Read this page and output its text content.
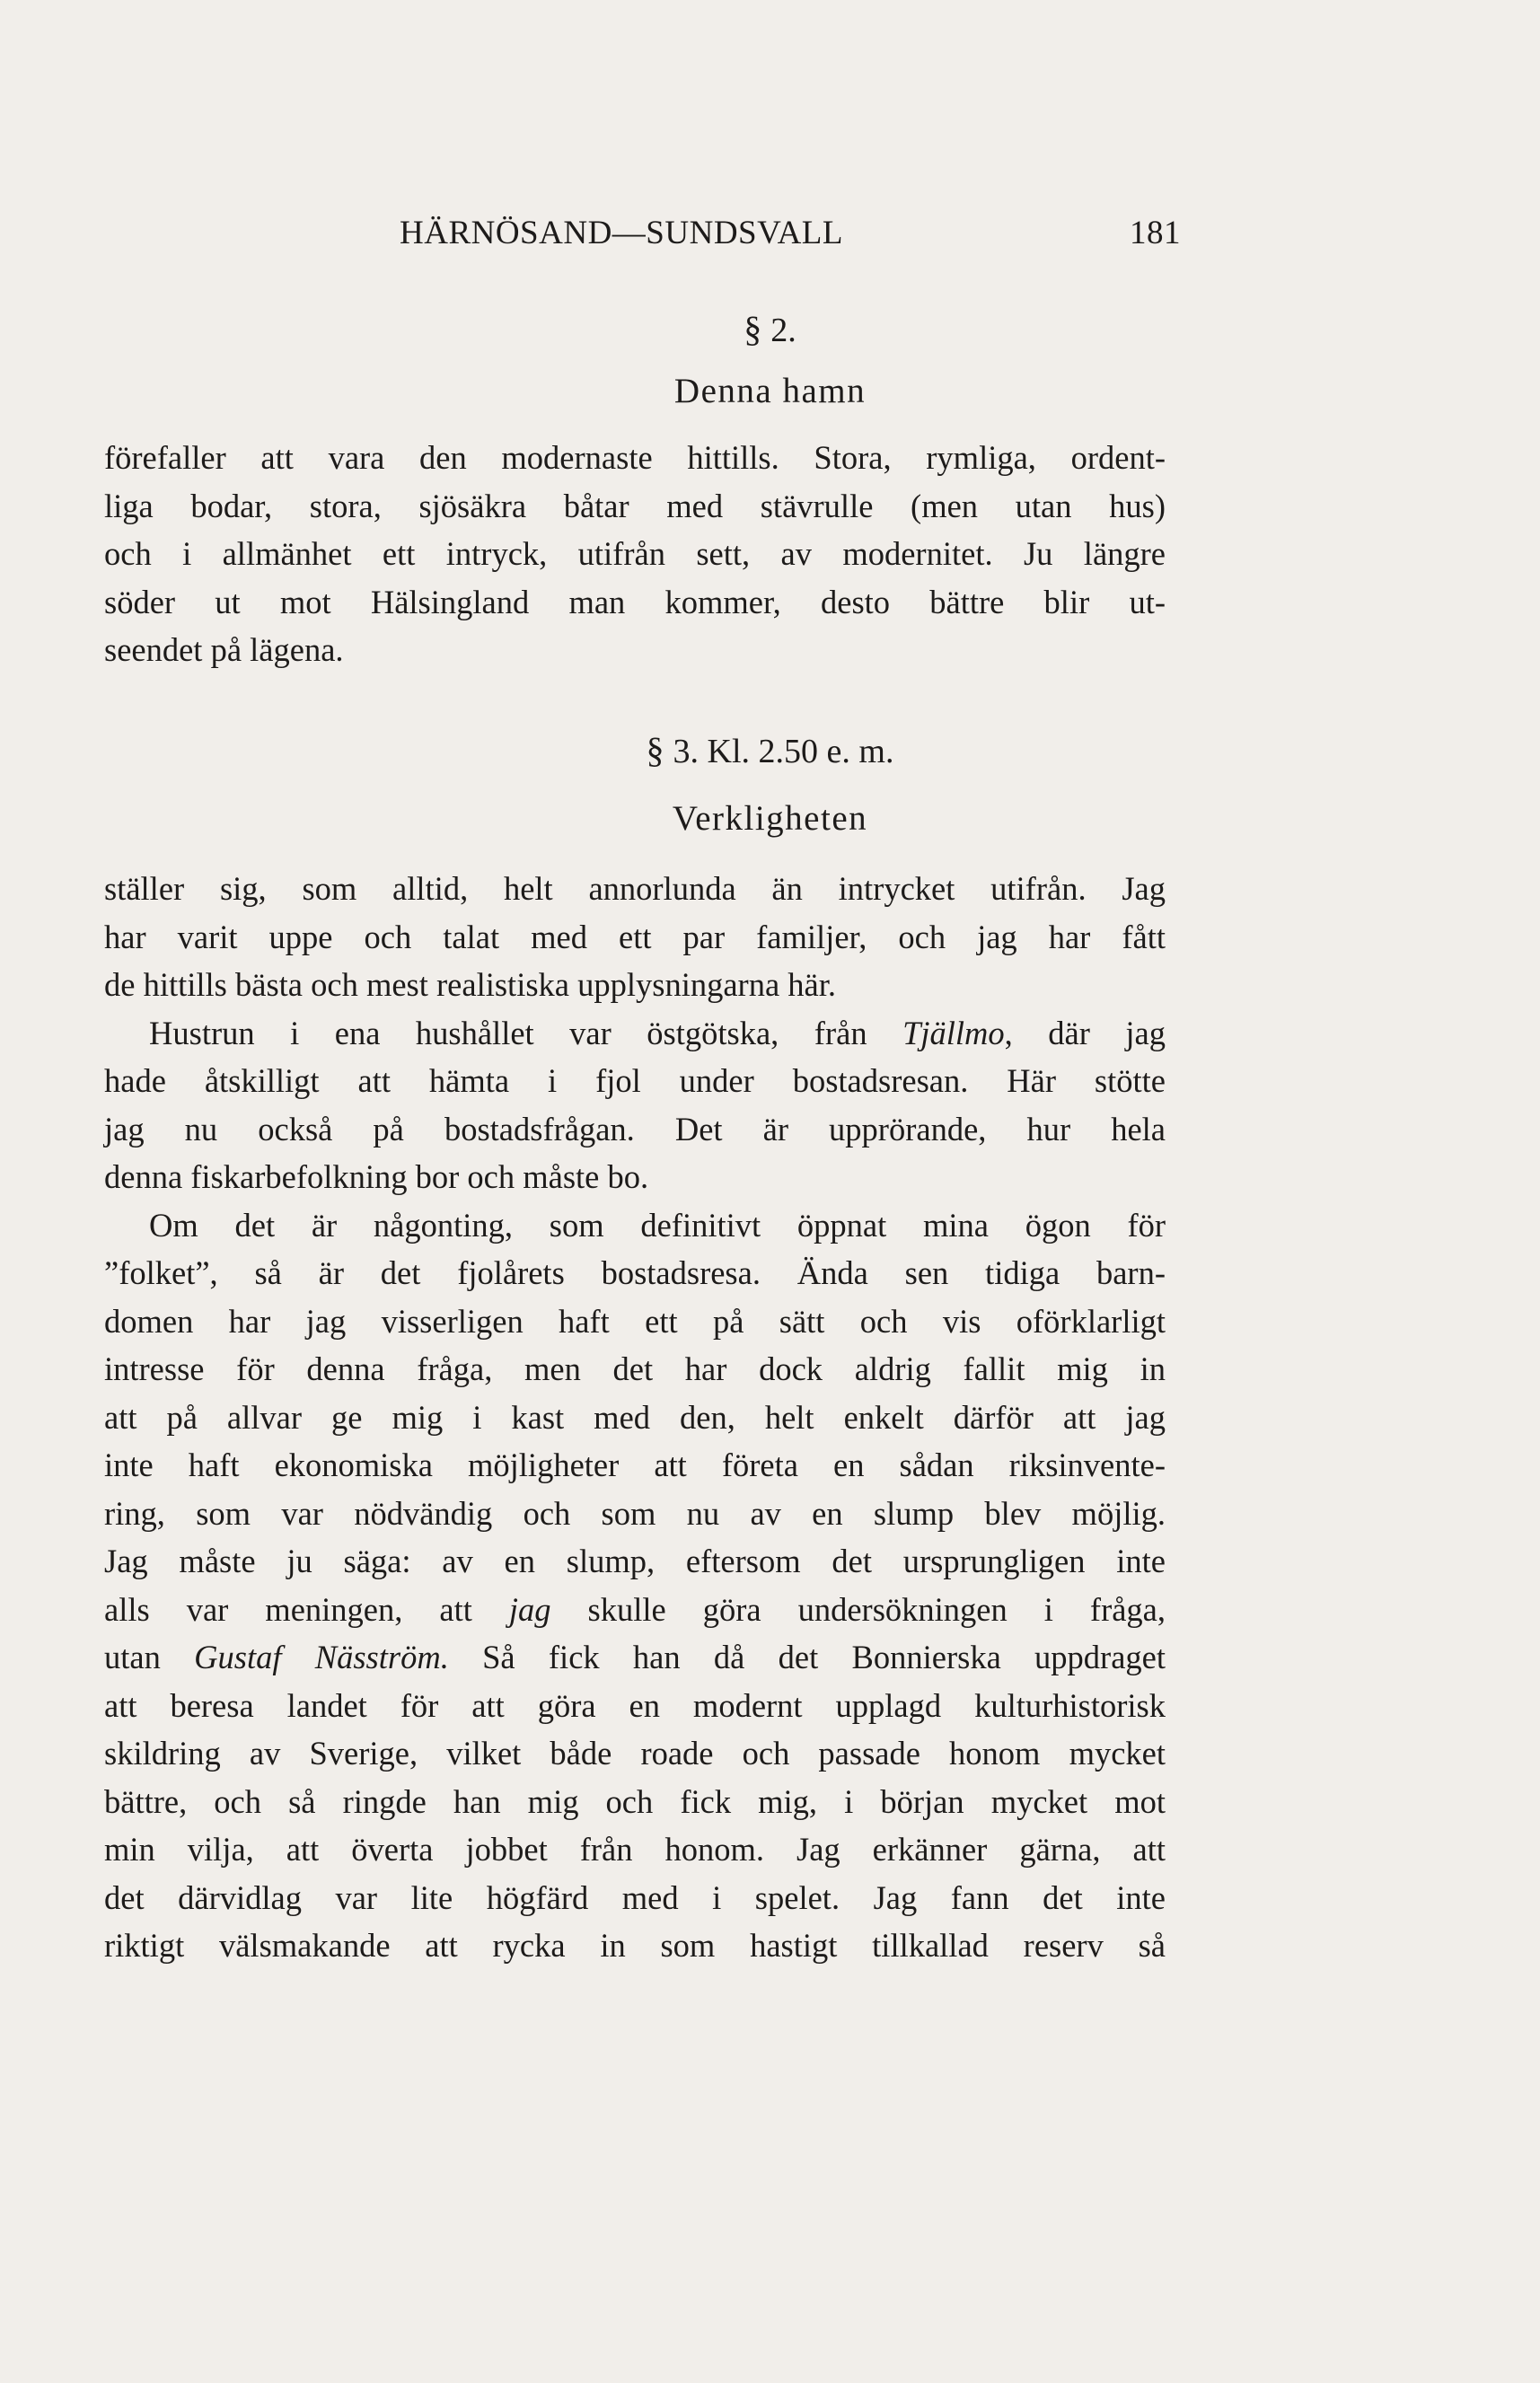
HÄRNÖSAND—SUNDSVALL	181
§ 2.
Denna hamn
förefaller att vara den modernaste hittills. Stora, rymliga, ordent-
liga bodar, stora, sjösäkra båtar med stävrulle (men utan hus)
och i allmänhet ett intryck, utifrån sett, av modernitet. Ju längre
söder ut mot Hälsingland man kommer, desto bättre blir ut-
seendet på lägena.
§ 3. Kl. 2.50 e. m.
Verkligheten
ställer sig, som alltid, helt annorlunda än intrycket utifrån. Jag
har varit uppe och talat med ett par familjer, och jag har fått
de hittills bästa och mest realistiska upplysningarna här.
Hustrun i ena hushållet var östgötska, från Tjällmo, där jag
hade åtskilligt att hämta i fjol under bostadsresan. Här stötte
jag nu också på bostadsfrågan. Det är upprörande, hur hela
denna fiskarbefolkning bor och måste bo.
Om det är någonting, som definitivt öppnat mina ögon för
”folket”, så är det fjolårets bostadsresa. Ända sen tidiga barn-
domen har jag visserligen haft ett på sätt och vis oförklarligt
intresse för denna fråga, men det har dock aldrig fallit mig in
att på allvar ge mig i kast med den, helt enkelt därför att jag
inte haft ekonomiska möjligheter att företa en sådan riksinvente-
ring, som var nödvändig och som nu av en slump blev möjlig.
Jag måste ju säga: av en slump, eftersom det ursprungligen inte
alls var meningen, att jag skulle göra undersökningen i fråga,
utan Gustaf Näsström. Så fick han då det Bonnierska uppdraget
att beresa landet för att göra en modernt upplagd kulturhistorisk
skildring av Sverige, vilket både roade och passade honom mycket
bättre, och så ringde han mig och fick mig, i början mycket mot
min vilja, att överta jobbet från honom. Jag erkänner gärna, att
det därvidlag var lite högfärd med i spelet. Jag fann det inte
riktigt välsmakande att rycka in som hastigt tillkallad reserv så
